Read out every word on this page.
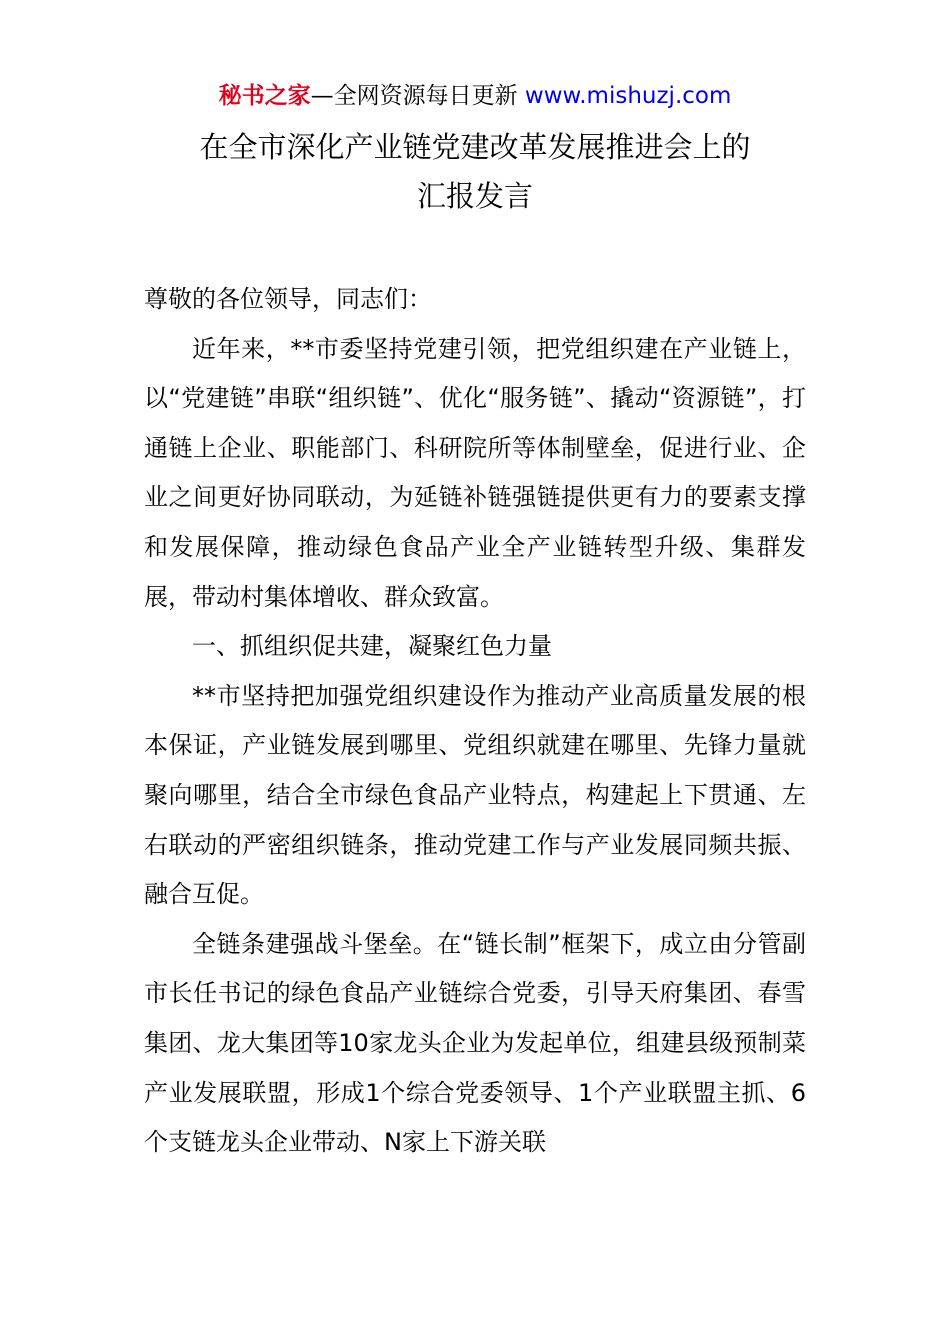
秘书之家—全网资源每日更新 www.mishuzj.com
在全市深化产业链党建改革发展推进会上的
汇报发言

尊敬的各位领导，同志们：

近年来，**市委坚持党建引领，把党组织建在产业链上，以“党建链”串联“组织链”、优化“服务链”、撬动“资源链”，打通链上企业、职能部门、科研院所等体制壁垒，促进行业、企业之间更好协同联动，为延链补链强链提供更有力的要素支撑和发展保障，推动绿色食品产业全产业链转型升级、集群发展，带动村集体增收、群众致富。

一、抓组织促共建，凝聚红色力量

**市坚持把加强党组织建设作为推动产业高质量发展的根本保证，产业链发展到哪里、党组织就建在哪里、先锋力量就聚向哪里，结合全市绿色食品产业特点，构建起上下贯通、左右联动的严密组织链条，推动党建工作与产业发展同频共振、融合互促。

全链条建强战斗堡垒。在“链长制”框架下，成立由分管副市长任书记的绿色食品产业链综合党委，引导天府集团、春雪集团、龙大集团等10家龙头企业为发起单位，组建县级预制菜产业发展联盟，形成1个综合党委领导、1个产业联盟主抓、6个支链龙头企业带动、N家上下游关联
